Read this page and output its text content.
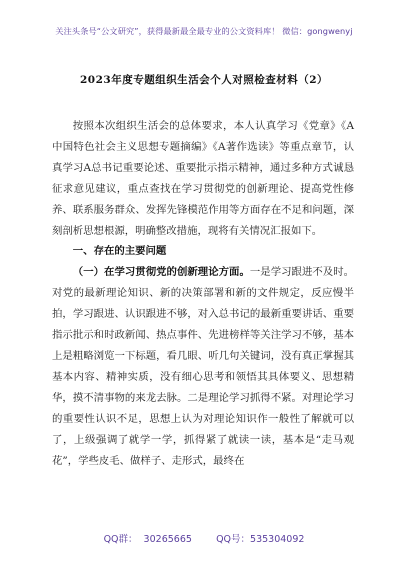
关注头条号“公文研究”，获得最新最全最专业的公文资料库！ 微信：gongwenyj
2023年度专题组织生活会个人对照检查材料（2）

按照本次组织生活会的总体要求，本人认真学习《党章》《A中国特色社会主义思想专题摘编》《A著作选读》等重点章节，认真学习A总书记重要论述、重要批示指示精神，通过多种方式诚恳征求意见建议，重点查找在学习贯彻党的创新理论、提高党性修养、联系服务群众、发挥先锋模范作用等方面存在不足和问题，深刻剖析思想根源，明确整改措施，现将有关情况汇报如下。

一、存在的主要问题

（一）在学习贯彻党的创新理论方面。一是学习跟进不及时。对党的最新理论知识、新的决策部署和新的文件规定，反应慢半拍，学习跟进、认识跟进不够，对入总书记的最新重要讲话、重要指示批示和时政新闻、热点事件、先进榜样等关注学习不够，基本上是粗略浏览一下标题，看几眼、听几句关键词，没有真正掌握其基本内容、精神实质，没有细心思考和领悟其具体要义、思想精华，摸不清事物的来龙去脉。二是理论学习抓得不紧。对理论学习的重要性认识不足，思想上认为对理论知识作一般性了解就可以了，上级强调了就学一学，抓得紧了就读一读，基本是“走马观花”，学些皮毛、做样子、走形式，最终在

QQ群：  30265665        QQ号：535304092
